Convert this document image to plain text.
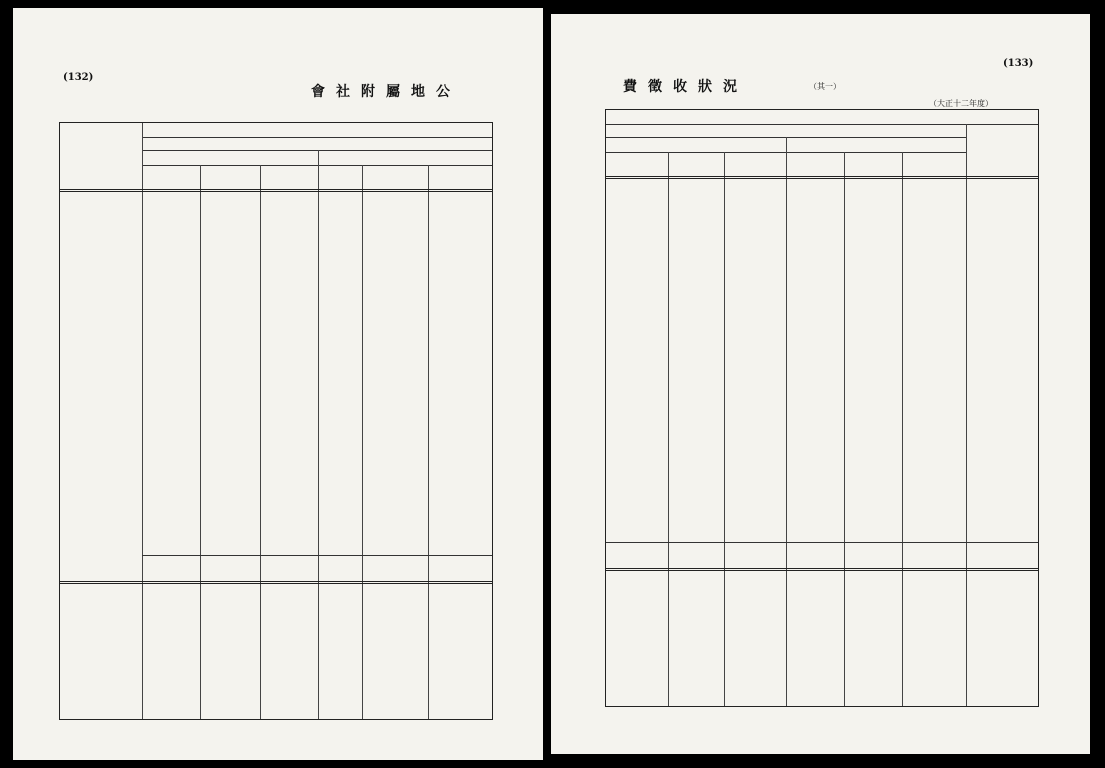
(132)
會社附屬地公
(133)
費徵收狀況	（其一）
（大正十二年度）
